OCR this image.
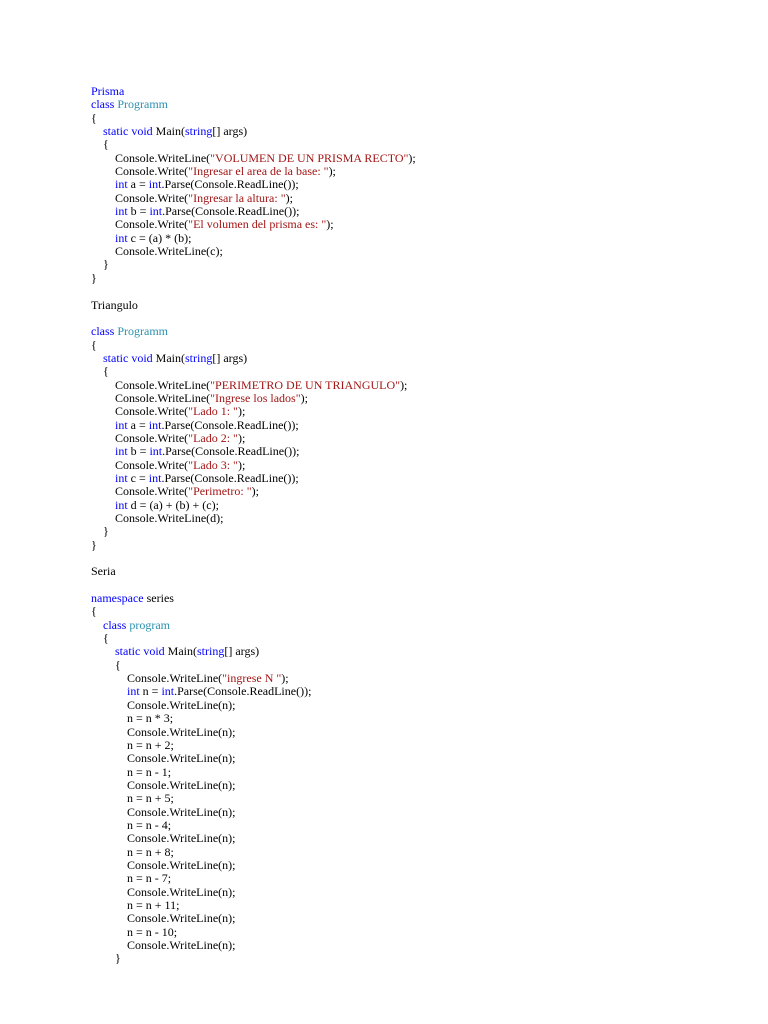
Prisma
class Programm
{
static void Main(string[] args)
{
Console.WriteLine("VOLUMEN DE UN PRISMA RECTO");
Console.Write("Ingresar el area de la base: ");
int a = int.Parse(Console.ReadLine());
Console.Write("Ingresar la altura: ");
int b = int.Parse(Console.ReadLine());
Console.Write("El volumen del prisma es: ");
int c = (a) * (b);
Console.WriteLine(c);
}
}
Triangulo
class Programm
{
static void Main(string[] args)
{
Console.WriteLine("PERIMETRO DE UN TRIANGULO");
Console.WriteLine("Ingrese los lados");
Console.Write("Lado 1: ");
int a = int.Parse(Console.ReadLine());
Console.Write("Lado 2: ");
int b = int.Parse(Console.ReadLine());
Console.Write("Lado 3: ");
int c = int.Parse(Console.ReadLine());
Console.Write("Perimetro: ");
int d = (a) + (b) + (c);
Console.WriteLine(d);
}
}
Seria
namespace series
{
class program
{
static void Main(string[] args)
{
Console.WriteLine("ingrese N ");
int n = int.Parse(Console.ReadLine());
Console.WriteLine(n);
n = n * 3;
Console.WriteLine(n);
n = n + 2;
Console.WriteLine(n);
n = n - 1;
Console.WriteLine(n);
n = n + 5;
Console.WriteLine(n);
n = n - 4;
Console.WriteLine(n);
n = n + 8;
Console.WriteLine(n);
n = n - 7;
Console.WriteLine(n);
n = n + 11;
Console.WriteLine(n);
n = n - 10;
Console.WriteLine(n);
}
